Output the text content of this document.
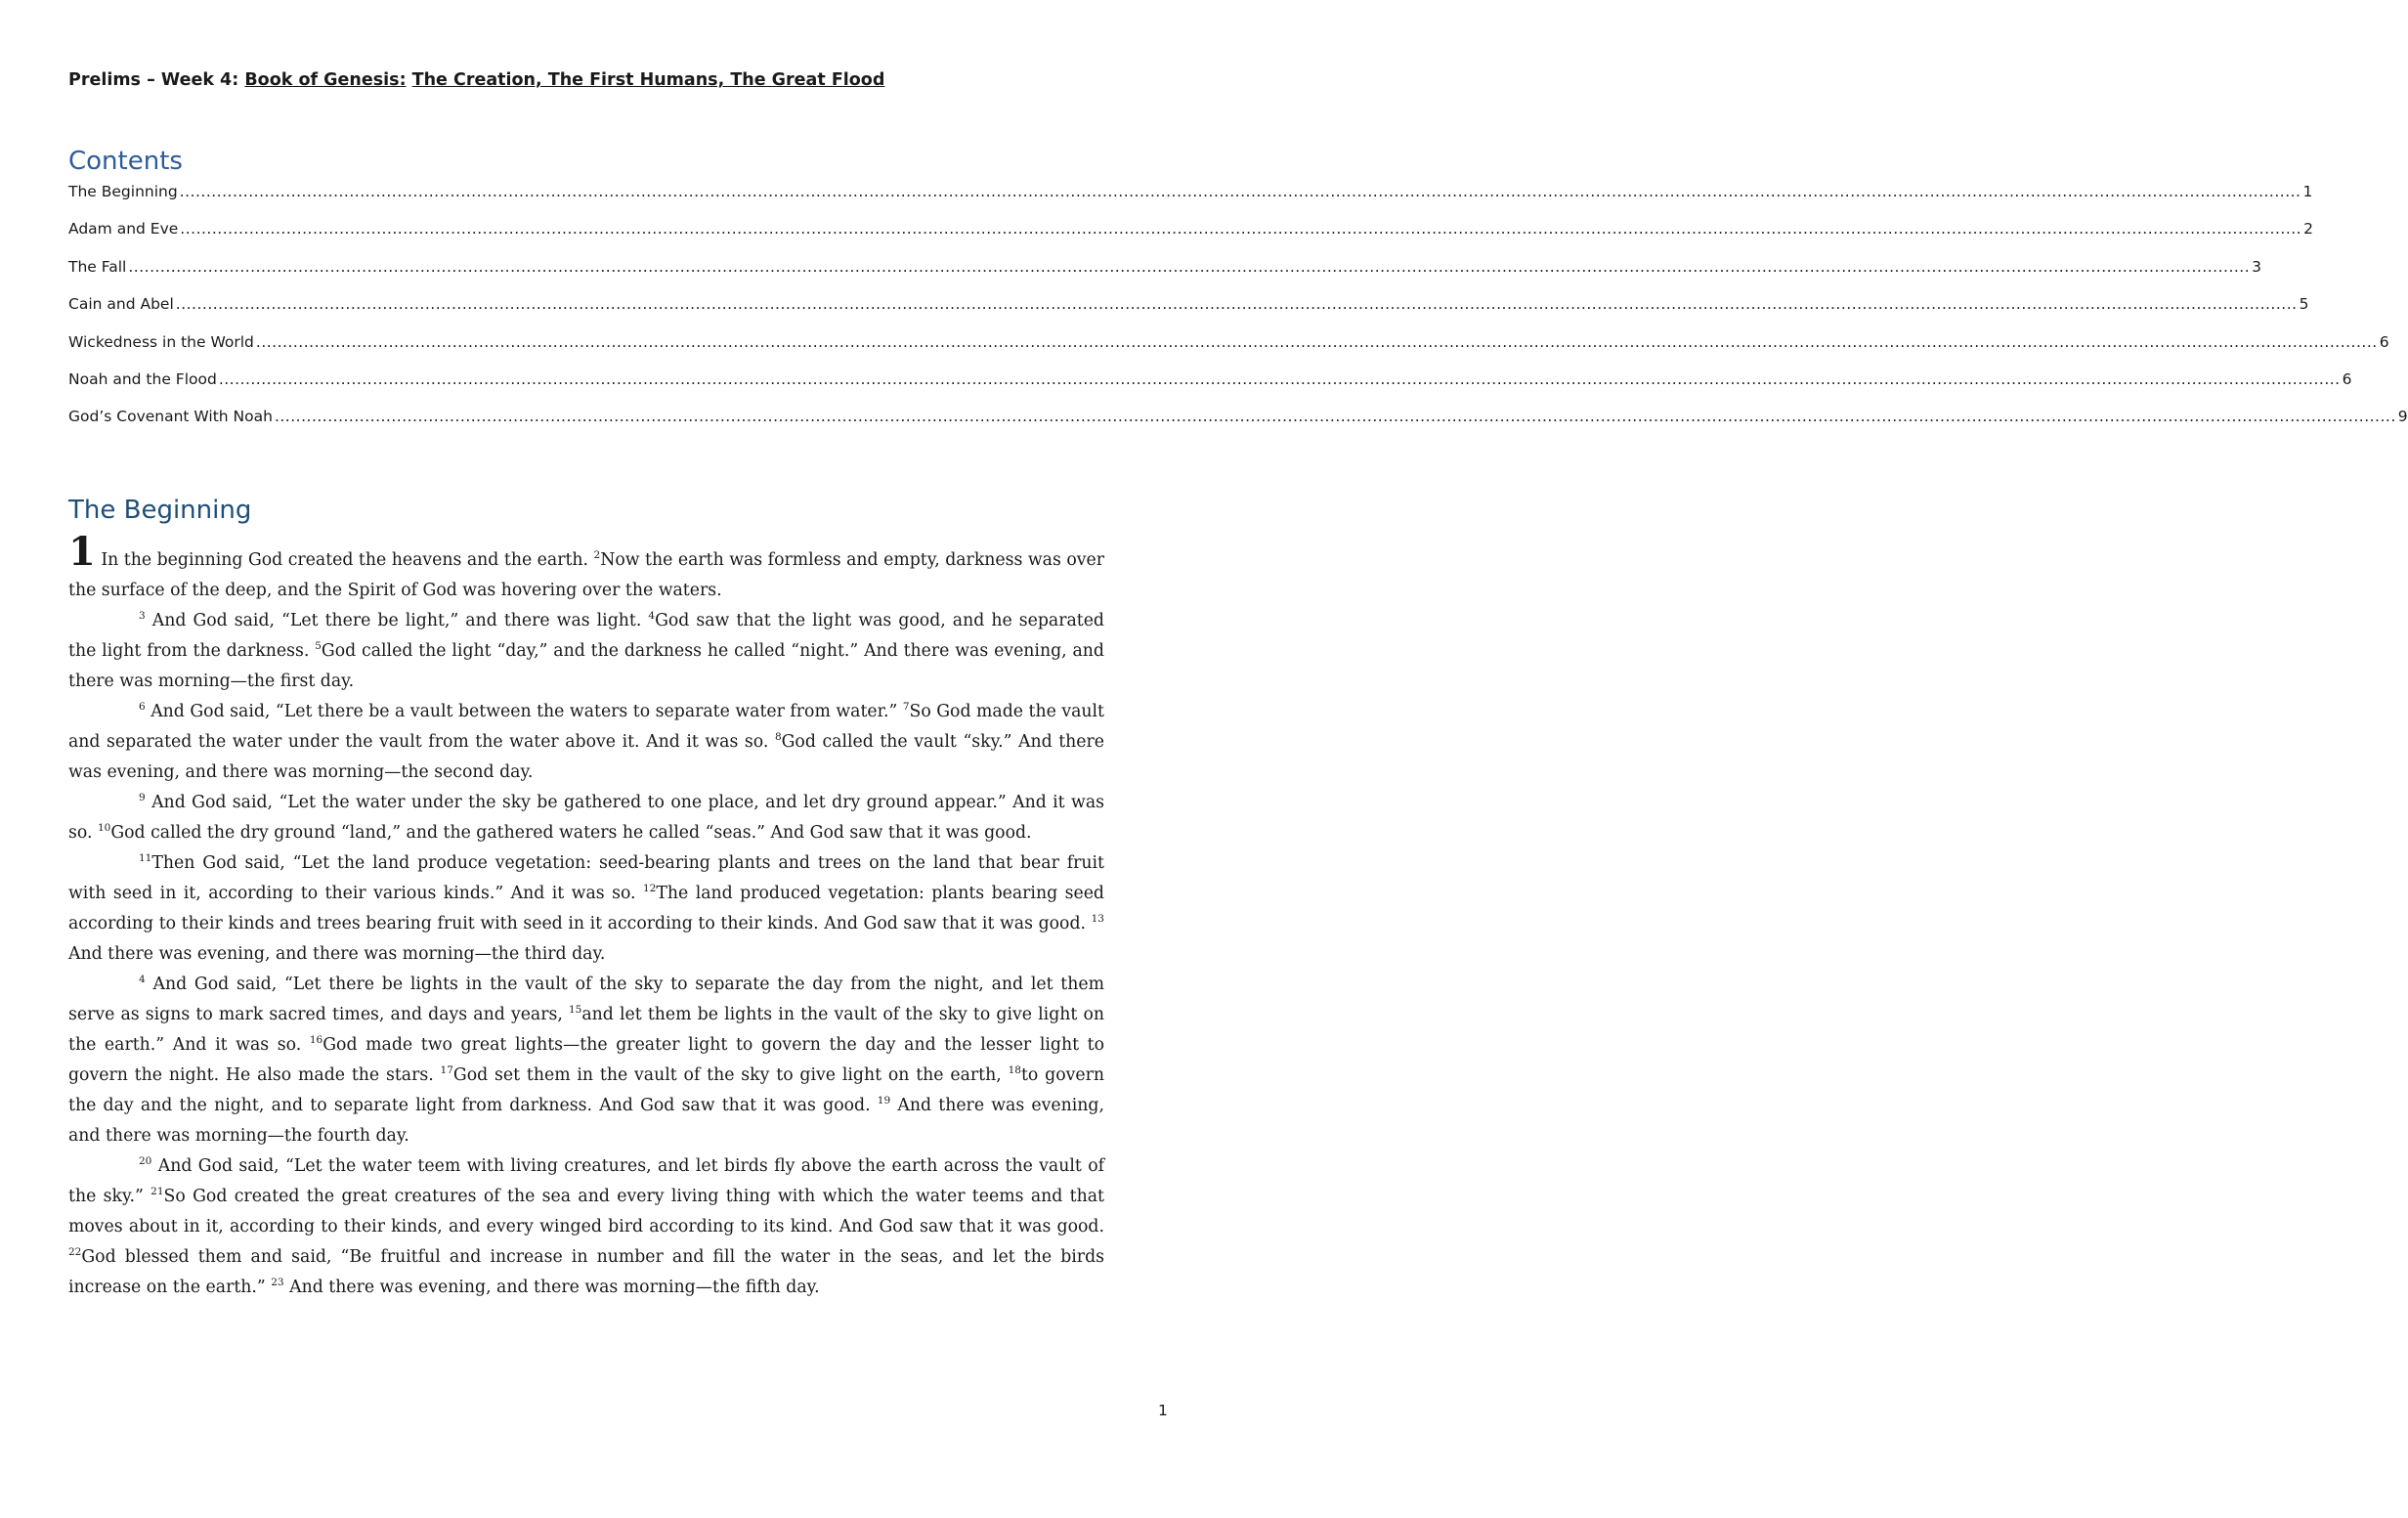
Prelims – Week 4: Book of Genesis: The Creation, The First Humans, The Great Flood
Contents
The Beginning ................................................................................................................................................................................................................................................................................................................................................................................................................ 1
Adam and Eve ................................................................................................................................................................................................................................................................................................................................................................................................................ 2
The Fall ................................................................................................................................................................................................................................................................................................................................................................................................................ 3
Cain and Abel ................................................................................................................................................................................................................................................................................................................................................................................................................ 5
Wickedness in the World ................................................................................................................................................................................................................................................................................................................................................................................................................ 6
Noah and the Flood ................................................................................................................................................................................................................................................................................................................................................................................................................ 6
God’s Covenant With Noah ................................................................................................................................................................................................................................................................................................................................................................................................................ 9
The Beginning

1 In the beginning God created the heavens and the earth. $^2$Now the earth was formless and empty, darkness was over the surface of the deep, and the Spirit of God was hovering over the waters.

$^3$ And God said, “Let there be light,” and there was light. $^4$God saw that the light was good, and he separated the light from the darkness. $^5$God called the light “day,” and the darkness he called “night.” And there was evening, and there was morning—the first day.

$^6$ And God said, “Let there be a vault between the waters to separate water from water.” $^7$So God made the vault and separated the water under the vault from the water above it. And it was so. $^8$God called the vault “sky.” And there was evening, and there was morning—the second day.

$^9$ And God said, “Let the water under the sky be gathered to one place, and let dry ground appear.” And it was so. $^{10}$God called the dry ground “land,” and the gathered waters he called “seas.” And God saw that it was good.

$^{11}$Then God said, “Let the land produce vegetation: seed-bearing plants and trees on the land that bear fruit with seed in it, according to their various kinds.” And it was so. $^{12}$The land produced vegetation: plants bearing seed according to their kinds and trees bearing fruit with seed in it according to their kinds. And God saw that it was good. $^{13}$ And there was evening, and there was morning—the third day.

$^4$ And God said, “Let there be lights in the vault of the sky to separate the day from the night, and let them serve as signs to mark sacred times, and days and years, $^{15}$and let them be lights in the vault of the sky to give light on the earth.” And it was so. $^{16}$God made two great lights—the greater light to govern the day and the lesser light to govern the night. He also made the stars. $^{17}$God set them in the vault of the sky to give light on the earth, $^{18}$to govern the day and the night, and to separate light from darkness. And God saw that it was good. $^{19}$ And there was evening, and there was morning—the fourth day.

$^{20}$ And God said, “Let the water teem with living creatures, and let birds fly above the earth across the vault of the sky.” $^{21}$So God created the great creatures of the sea and every living thing with which the water teems and that moves about in it, according to their kinds, and every winged bird according to its kind. And God saw that it was good. $^{22}$God blessed them and said, “Be fruitful and increase in number and fill the water in the seas, and let the birds increase on the earth.” $^{23}$ And there was evening, and there was morning—the fifth day.

1
